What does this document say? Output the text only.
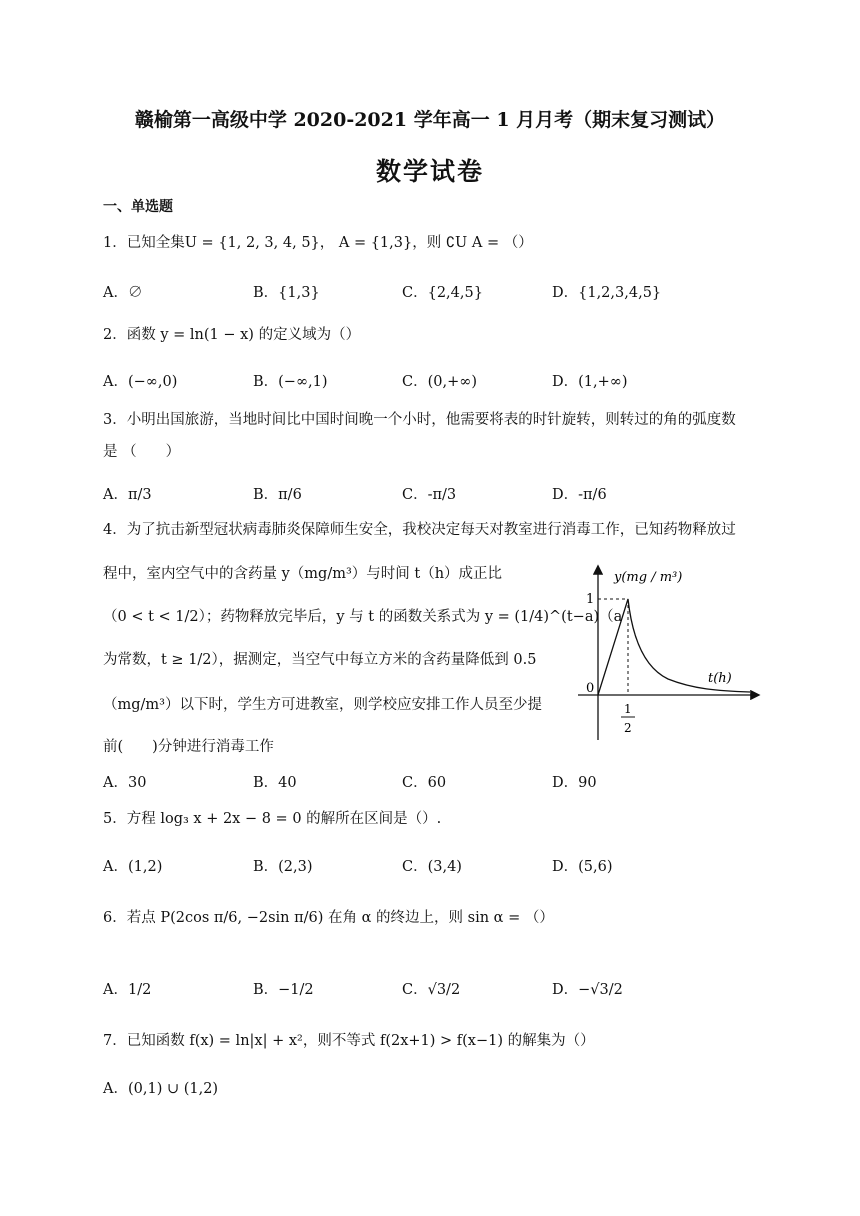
赣榆第一高级中学 2020-2021 学年高一 1 月月考（期末复习测试）
数学试卷
一、单选题
1．已知全集U = {1, 2, 3, 4, 5}， A = {1,3}，则 ∁U A = （）
A．∅	B．{1,3}	C．{2,4,5}	D．{1,2,3,4,5}
2．函数 y = ln(1 − x) 的定义域为（）
A．(−∞,0)	B．(−∞,1)	C．(0,+∞)	D．(1,+∞)
3．小明出国旅游，当地时间比中国时间晚一个小时，他需要将表的时针旋转，则转过的角的弧度数
是 （　　）
A．π/3	B．π/6	C．-π/3	D．-π/6
4．为了抗击新型冠状病毒肺炎保障师生安全，我校决定每天对教室进行消毒工作，已知药物释放过
程中，室内空气中的含药量 y（mg/m³）与时间 t（h）成正比
（0 < t < 1/2）；药物释放完毕后，y 与 t 的函数关系式为 y = (1/4)^(t−a)（a
为常数，t ≥ 1/2），据测定，当空气中每立方米的含药量降低到 0.5
（mg/m³）以下时，学生方可进教室，则学校应安排工作人员至少提
前(　　)分钟进行消毒工作
y(mg / m³)
t(h)
1
0
1
2
A．30	B．40	C．60	D．90
5．方程 log₃ x + 2x − 8 = 0 的解所在区间是（）.
A．(1,2)	B．(2,3)	C．(3,4)	D．(5,6)
6．若点 P(2cos π/6, −2sin π/6) 在角 α 的终边上，则 sin α = （）
A．1/2	B．−1/2	C．√3/2	D．−√3/2
7．已知函数 f(x) = ln|x| + x²，则不等式 f(2x+1) > f(x−1) 的解集为（）
A．(0,1) ∪ (1,2)
